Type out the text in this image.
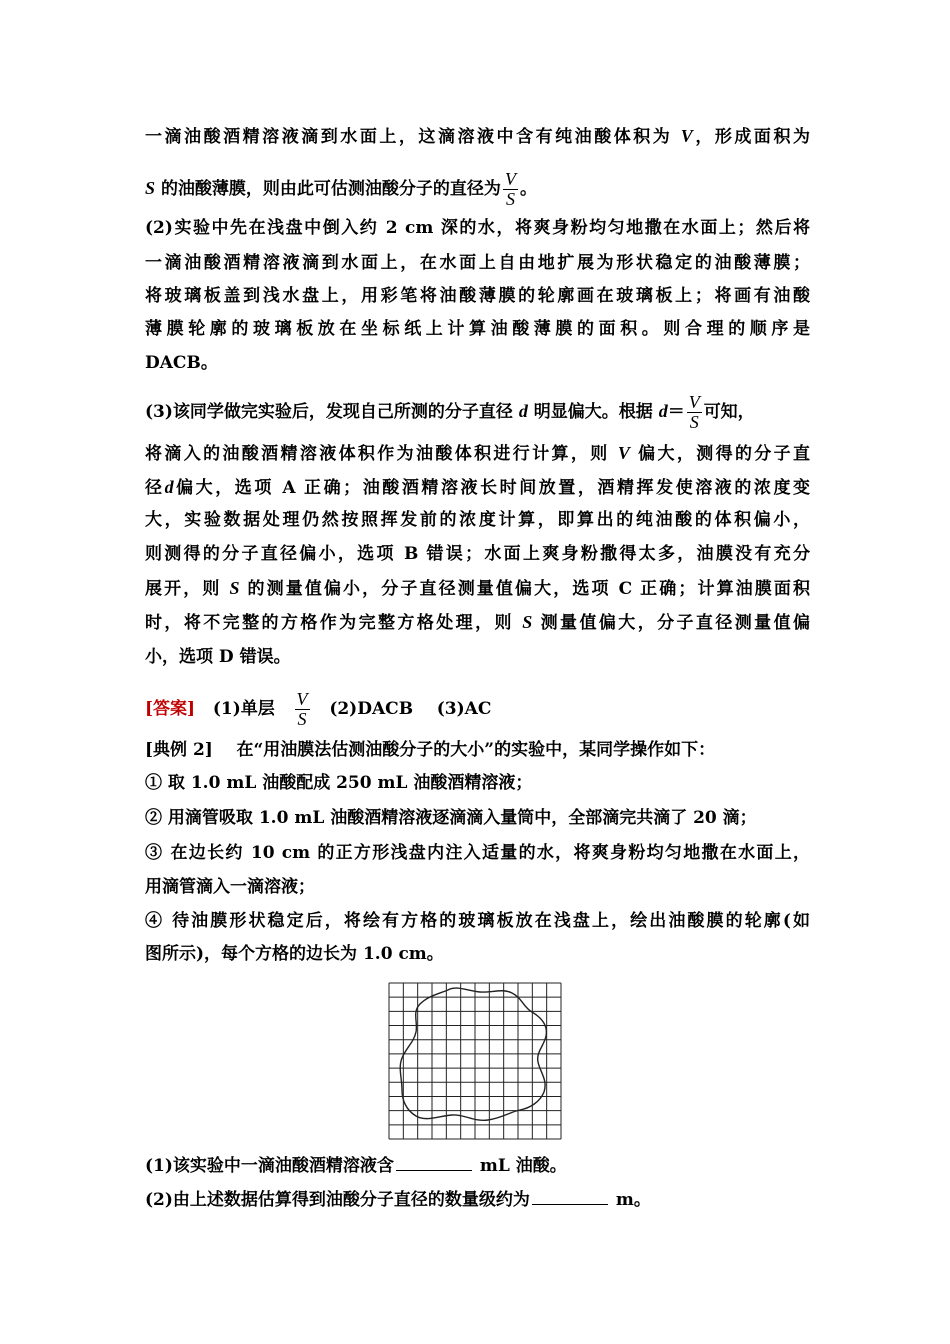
一滴油酸酒精溶液滴到水面上，这滴溶液中含有纯油酸体积为 V，形成面积为
S 的油酸薄膜，则由此可估测油酸分子的直径为 $\frac{V}{S}$ 。
(2)实验中先在浅盘中倒入约 2 cm 深的水，将爽身粉均匀地撒在水面上；然后将
一滴油酸酒精溶液滴到水面上，在水面上自由地扩展为形状稳定的油酸薄膜；
将玻璃板盖到浅水盘上，用彩笔将油酸薄膜的轮廓画在玻璃板上；将画有油酸
薄膜轮廓的玻璃板放在坐标纸上计算油酸薄膜的面积。则合理的顺序是
DACB。
(3)该同学做完实验后，发现自己所测的分子直径 d 明显偏大。根据 $d= \frac{V}{S}$ 可知，
将滴入的油酸酒精溶液体积作为油酸体积进行计算，则 V 偏大，测得的分子直
径d偏大，选项 A 正确；油酸酒精溶液长时间放置，酒精挥发使溶液的浓度变
大，实验数据处理仍然按照挥发前的浓度计算，即算出的纯油酸的体积偏小，
则测得的分子直径偏小，选项 B 错误；水面上爽身粉撒得太多，油膜没有充分
展开，则 S 的测量值偏小，分子直径测量值偏大，选项 C 正确；计算油膜面积
时，将不完整的方格作为完整方格处理，则 S 测量值偏大，分子直径测量值偏
小，选项 D 错误。
[答案] (1)单层 $\frac{V}{S}$ (2)DACB (3)AC
[典例 2] 在“用油膜法估测油酸分子的大小”的实验中，某同学操作如下：
① 取 1.0 mL 油酸配成 250 mL 油酸酒精溶液；
② 用滴管吸取 1.0 mL 油酸酒精溶液逐滴滴入量筒中，全部滴完共滴了 20 滴；
③ 在边长约 10 cm 的正方形浅盘内注入适量的水，将爽身粉均匀地撒在水面上，
用滴管滴入一滴溶液；
④ 待油膜形状稳定后，将绘有方格的玻璃板放在浅盘上，绘出油酸膜的轮廓(如
图所示)，每个方格的边长为 1.0 cm。
(1)该实验中一滴油酸酒精溶液含	mL 油酸。
(2)由上述数据估算得到油酸分子直径的数量级约为	m。
